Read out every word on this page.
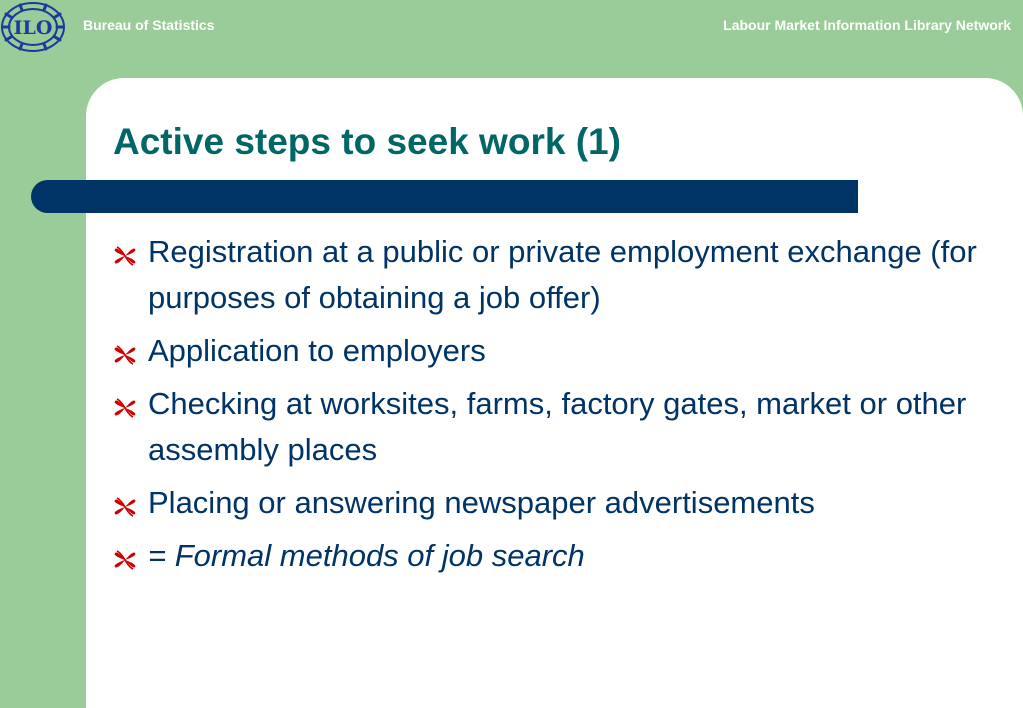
ILO Bureau of Statistics	Labour Market Information Library Network
Active steps to seek work (1)
Registration at a public or private employment exchange (for purposes of obtaining a job offer)
Application to employers
Checking at worksites, farms, factory gates, market or other assembly places
Placing or answering newspaper advertisements
= Formal methods of job search
